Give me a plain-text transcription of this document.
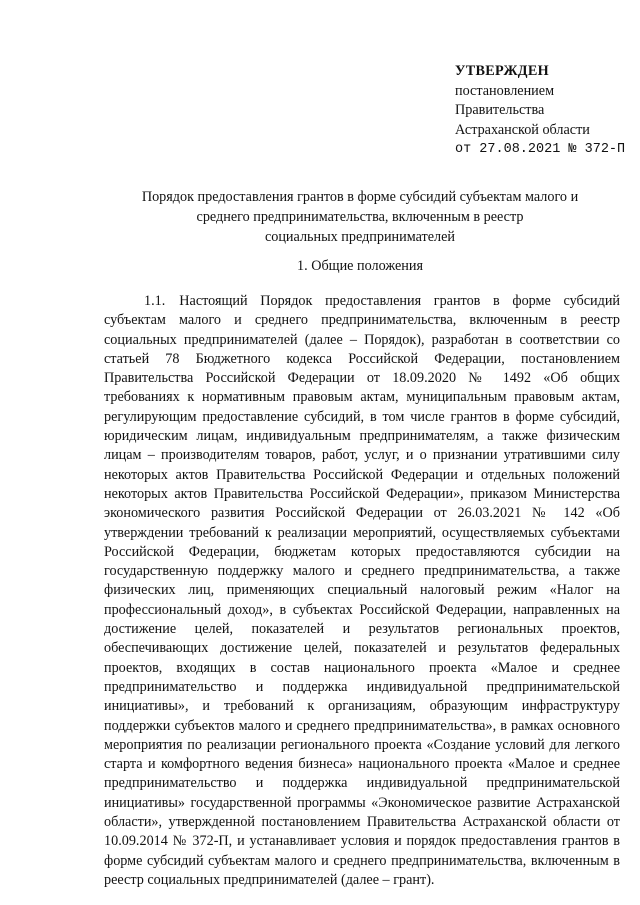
УТВЕРЖДЕН
постановлением
Правительства
Астраханской области
от 27.08.2021 № 372-П
Порядок предоставления грантов в форме субсидий субъектам малого и
среднего предпринимательства, включенным в реестр
социальных предпринимателей
1. Общие положения
1.1. Настоящий Порядок предоставления грантов в форме субсидий субъектам малого и среднего предпринимательства, включенным в реестр социальных предпринимателей (далее – Порядок), разработан в соответствии со статьей 78 Бюджетного кодекса Российской Федерации, постановлением Правительства Российской Федерации от 18.09.2020 № 1492 «Об общих требованиях к нормативным правовым актам, муниципальным правовым актам, регулирующим предоставление субсидий, в том числе грантов в форме субсидий, юридическим лицам, индивидуальным предпринимателям, а также физическим лицам – производителям товаров, работ, услуг, и о признании утратившими силу некоторых актов Правительства Российской Федерации и отдельных положений некоторых актов Правительства Российской Федерации», приказом Министерства экономического развития Российской Федерации от 26.03.2021 № 142 «Об утверждении требований к реализации мероприятий, осуществляемых субъектами Российской Федерации, бюджетам которых предоставляются субсидии на государственную поддержку малого и среднего предпринимательства, а также физических лиц, применяющих специальный налоговый режим «Налог на профессиональный доход», в субъектах Российской Федерации, направленных на достижение целей, показателей и результатов региональных проектов, обеспечивающих достижение целей, показателей и результатов федеральных проектов, входящих в состав национального проекта «Малое и среднее предпринимательство и поддержка индивидуальной предпринимательской инициативы», и требований к организациям, образующим инфраструктуру поддержки субъектов малого и среднего предпринимательства», в рамках основного мероприятия по реализации регионального проекта «Создание условий для легкого старта и комфортного ведения бизнеса» национального проекта «Малое и среднее предпринимательство и поддержка индивидуальной предпринимательской инициативы» государственной программы «Экономическое развитие Астраханской области», утвержденной постановлением Правительства Астраханской области от 10.09.2014 № 372-П, и устанавливает условия и порядок предоставления грантов в форме субсидий субъектам малого и среднего предпринимательства, включенным в реестр социальных предпринимателей (далее – грант).
